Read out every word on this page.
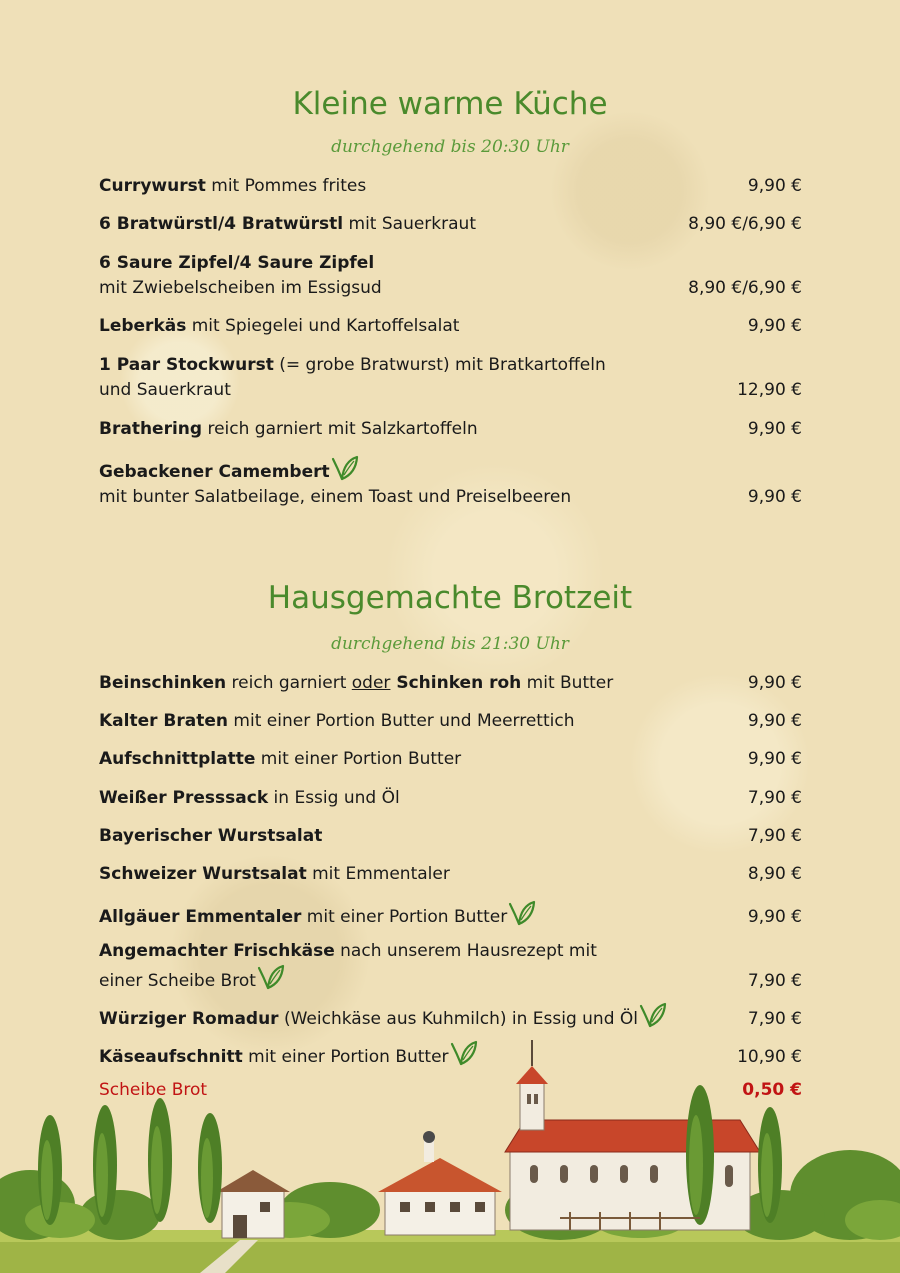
Kleine warme Küche
durchgehend bis 20:30 Uhr
Currywurst mit Pommes frites	9,90 €
6 Bratwürstl/4 Bratwürstl mit Sauerkraut	8,90 €/6,90 €
6 Saure Zipfel/4 Saure Zipfel
mit Zwiebelscheiben im Essigsud	8,90 €/6,90 €
Leberkäs mit Spiegelei und Kartoffelsalat	9,90 €
1 Paar Stockwurst (= grobe Bratwurst) mit Bratkartoffeln
und Sauerkraut	12,90 €
Brathering reich garniert mit Salzkartoffeln	9,90 €
Gebackener Camembert
mit bunter Salatbeilage, einem Toast und Preiselbeeren	9,90 €
Hausgemachte Brotzeit
durchgehend bis 21:30 Uhr
Beinschinken reich garniert oder Schinken roh mit Butter	9,90 €
Kalter Braten mit einer Portion Butter und Meerrettich	9,90 €
Aufschnittplatte mit einer Portion Butter	9,90 €
Weißer Presssack in Essig und Öl	7,90 €
Bayerischer Wurstsalat	7,90 €
Schweizer Wurstsalat mit Emmentaler	8,90 €
Allgäuer Emmentaler mit einer Portion Butter	9,90 €
Angemachter Frischkäse nach unserem Hausrezept mit
einer Scheibe Brot	7,90 €
Würziger Romadur (Weichkäse aus Kuhmilch) in Essig und Öl	7,90 €
Käseaufschnitt mit einer Portion Butter	10,90 €
Scheibe Brot	0,50 €
